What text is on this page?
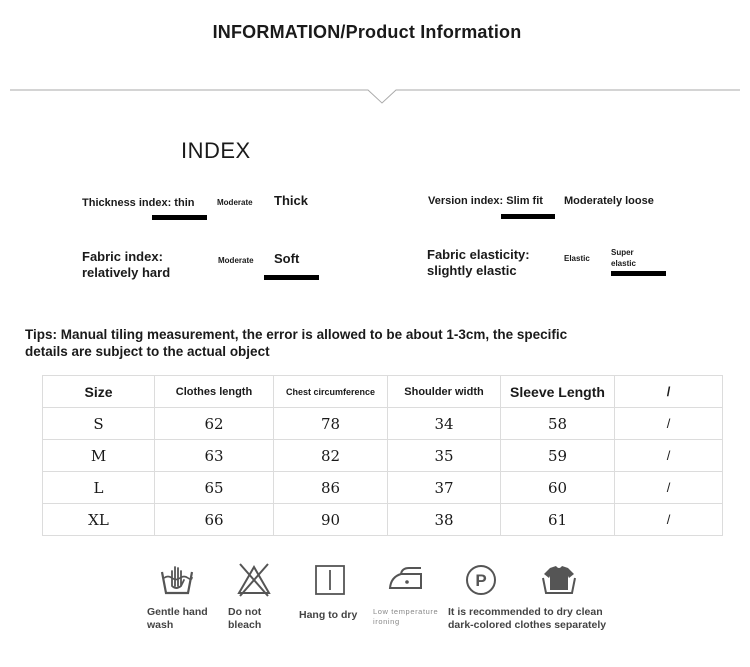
INFORMATION/Product Information
INDEX
Thickness index: thin	Moderate Thick	Version index: Slim fit Moderately loose
Fabric index:
relatively hard
Moderate Soft	Fabric elasticity:
slightly elastic
Elastic
Super
elastic
Tips: Manual tiling measurement, the error is allowed to be about 1-3cm, the specific
details are subject to the actual object
Size	Clothes length	Chest circumference	Shoulder width	Sleeve Length	/
S	62	78	34	58	/
M	63	82	35	59	/
L	65	86	37	60	/
XL	66	90	38	61	/
P
Gentle hand
wash
Do not
bleach
Hang to dry Low temperature
ironing
It is recommended to dry clean
dark-colored clothes separately
